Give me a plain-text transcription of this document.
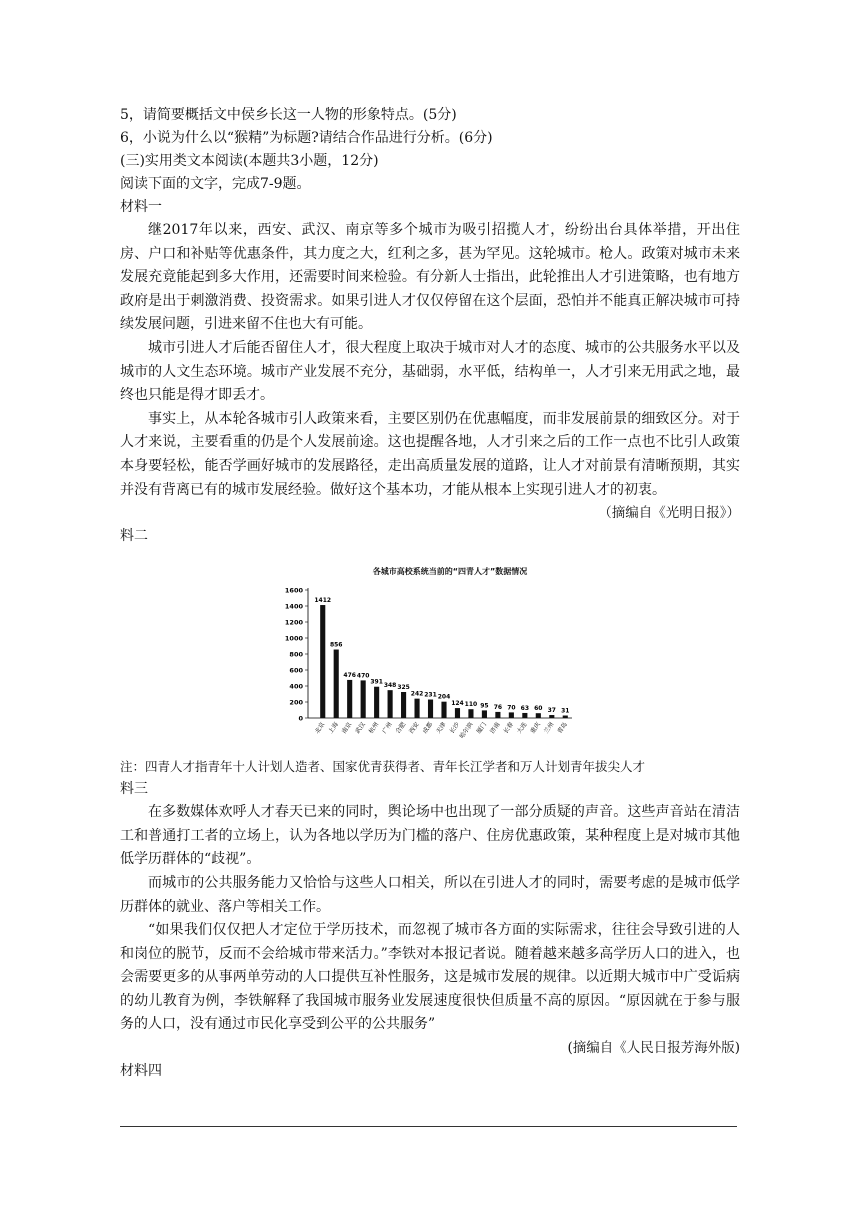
5，请简要概括文中侯乡长这一人物的形象特点。(5分)

6，小说为什么以“猴精”为标题?请结合作品进行分析。(6分)

(三)实用类文本阅读(本题共3小题，12分)

阅读下面的文字，完成7-9题。

材料一

继2017年以来，西安、武汉、南京等多个城市为吸引招揽人才，纷纷出台具体举措，开出住房、户口和补贴等优惠条件，其力度之大，红利之多，甚为罕见。这轮城市。枪人。政策对城市未来发展充竟能起到多大作用，还需要时间来检验。有分新人士指出，此轮推出人才引进策略，也有地方政府是出于刺激消费、投资需求。如果引进人才仅仅停留在这个层面，恐怕并不能真正解决城市可持续发展问题，引进来留不住也大有可能。

城市引进人才后能否留住人才，很大程度上取决于城市对人才的态度、城市的公共服务水平以及城市的人文生态环境。城市产业发展不充分，基础弱，水平低，结构单一，人才引来无用武之地，最终也只能是得才即丢才。

事实上，从本轮各城市引人政策来看，主要区别仍在优惠幅度，而非发展前景的细致区分。对于人才来说，主要看重的仍是个人发展前途。这也提醒各地，人才引来之后的工作一点也不比引人政策本身要轻松，能否学画好城市的发展路径，走出高质量发展的道路，让人才对前景有清晰预期，其实并没有背离已有的城市发展经验。做好这个基本功，才能从根本上实现引进人才的初衷。

（摘编自《光明日报》）

料二

各城市高校系统当前的“四青人才”数据情况
0
200
400
600
800
1000
1200
1400
1600
1412
北京
856
上海
476
南京
470
武汉
391
杭州
348
广州
325
合肥
242
西安
231
成都
204
天津
124
长沙
110
哈尔滨
95
厦门
76
济南
70
长春
63
大连
60
重庆
37
兰州
31
青岛

注：四青人才指青年十人计划人造者、国家优青获得者、青年长江学者和万人计划青年拔尖人才

料三

在多数媒体欢呼人才春天已来的同时，舆论场中也出现了一部分质疑的声音。这些声音站在清洁工和普通打工者的立场上，认为各地以学历为门槛的落户、住房优惠政策，某种程度上是对城市其他低学历群体的“歧视”。

而城市的公共服务能力又恰恰与这些人口相关，所以在引进人才的同时，需要考虑的是城市低学历群体的就业、落户等相关工作。

“如果我们仅仅把人才定位于学历技术，而忽视了城市各方面的实际需求，往往会导致引进的人和岗位的脱节，反而不会给城市带来活力。”李铁对本报记者说。随着越来越多高学历人口的进入，也会需要更多的从事两单劳动的人口提供互补性服务，这是城市发展的规律。以近期大城市中广受诟病的幼儿教育为例，李铁解释了我国城市服务业发展速度很快但质量不高的原因。“原因就在于参与服务的人口，没有通过市民化享受到公平的公共服务”

(摘编自《人民日报芳海外版)

材料四
